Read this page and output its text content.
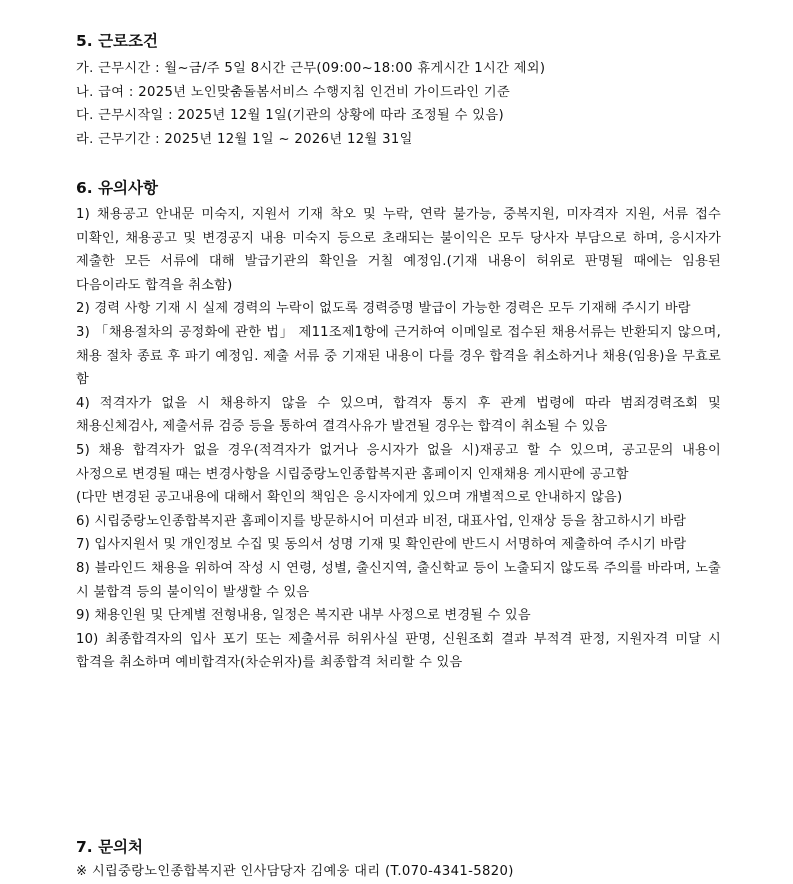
5. 근로조건
가. 근무시간 : 월~금/주 5일 8시간 근무(09:00~18:00 휴게시간 1시간 제외)
나. 급여 : 2025년 노인맞춤돌봄서비스 수행지침 인건비 가이드라인 기준
다. 근무시작일 : 2025년 12월 1일(기관의 상황에 따라 조정될 수 있음)
라. 근무기간 : 2025년 12월 1일 ~ 2026년 12월 31일
6. 유의사항
1) 채용공고 안내문 미숙지, 지원서 기재 착오 및 누락, 연락 불가능, 중복지원, 미자격자 지원, 서류 접수 미확인, 채용공고 및 변경공지 내용 미숙지 등으로 초래되는 불이익은 모두 당사자 부담으로 하며, 응시자가 제출한 모든 서류에 대해 발급기관의 확인을 거칠 예정임.(기재 내용이 허위로 판명될 때에는 임용된 다음이라도 합격을 취소함)
2) 경력 사항 기재 시 실제 경력의 누락이 없도록 경력증명 발급이 가능한 경력은 모두 기재해 주시기 바람
3) 「채용절차의 공정화에 관한 법」 제11조제1항에 근거하여 이메일로 접수된 채용서류는 반환되지 않으며, 채용 절차 종료 후 파기 예정임. 제출 서류 중 기재된 내용이 다를 경우 합격을 취소하거나 채용(임용)을 무효로 함
4) 적격자가 없을 시 채용하지 않을 수 있으며, 합격자 통지 후 관계 법령에 따라 범죄경력조회 및 채용신체검사, 제출서류 검증 등을 통하여 결격사유가 발견될 경우는 합격이 취소될 수 있음
5) 채용 합격자가 없을 경우(적격자가 없거나 응시자가 없을 시)재공고 할 수 있으며, 공고문의 내용이 사정으로 변경될 때는 변경사항을 시립중랑노인종합복지관 홈페이지 인재채용 게시판에 공고함
(다만 변경된 공고내용에 대해서 확인의 책임은 응시자에게 있으며 개별적으로 안내하지 않음)
6) 시립중랑노인종합복지관 홈페이지를 방문하시어 미션과 비전, 대표사업, 인재상 등을 참고하시기 바람
7) 입사지원서 및 개인정보 수집 및 동의서 성명 기재 및 확인란에 반드시 서명하여 제출하여 주시기 바람
8) 블라인드 채용을 위하여 작성 시 연령, 성별, 출신지역, 출신학교 등이 노출되지 않도록 주의를 바라며, 노출 시 불합격 등의 불이익이 발생할 수 있음
9) 채용인원 및 단계별 전형내용, 일정은 복지관 내부 사정으로 변경될 수 있음
10) 최종합격자의 입사 포기 또는 제출서류 허위사실 판명, 신원조회 결과 부적격 판정, 지원자격 미달 시 합격을 취소하며 예비합격자(차순위자)를 최종합격 처리할 수 있음
7. 문의처
※ 시립중랑노인종합복지관 인사담당자 김예웅 대리 (T.070-4341-5820)
